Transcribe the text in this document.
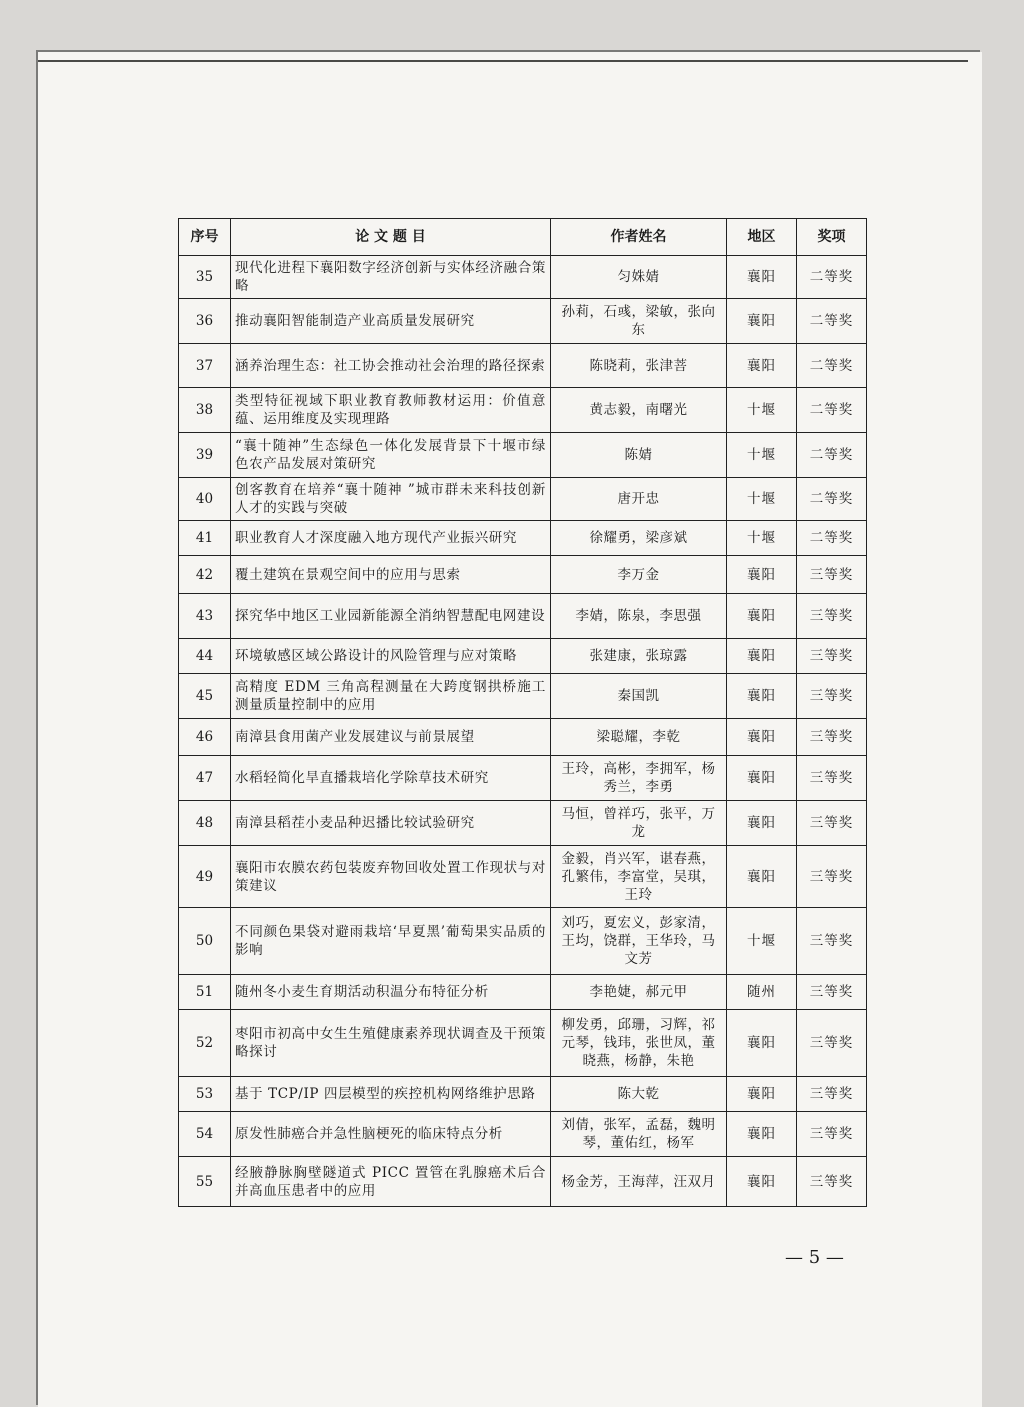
序号	论 文 题 目	作者姓名	地区	奖项
35	现代化进程下襄阳数字经济创新与实体经济融合策略	匀姝婧	襄阳	二等奖
36	推动襄阳智能制造产业高质量发展研究	孙莉，石彧，梁敏，张向东	襄阳	二等奖
37	涵养治理生态：社工协会推动社会治理的路径探索	陈晓莉，张津菩	襄阳	二等奖
38	类型特征视域下职业教育教师教材运用：价值意蕴、运用维度及实现理路	黄志毅，南曙光	十堰	二等奖
39	“襄十随神”生态绿色一体化发展背景下十堰市绿色农产品发展对策研究	陈婧	十堰	二等奖
40	创客教育在培养“襄十随神 ”城市群未来科技创新人才的实践与突破	唐开忠	十堰	二等奖
41	职业教育人才深度融入地方现代产业振兴研究	徐耀勇，梁彦斌	十堰	二等奖
42	覆土建筑在景观空间中的应用与思索	李万金	襄阳	三等奖
43	探究华中地区工业园新能源全消纳智慧配电网建设	李婧，陈泉，李思强	襄阳	三等奖
44	环境敏感区域公路设计的风险管理与应对策略	张建康，张琼露	襄阳	三等奖
45	高精度 EDM 三角高程测量在大跨度钢拱桥施工测量质量控制中的应用	秦国凯	襄阳	三等奖
46	南漳县食用菌产业发展建议与前景展望	梁聪耀，李乾	襄阳	三等奖
47	水稻轻简化旱直播栽培化学除草技术研究	王玲，高彬，李拥军，杨秀兰，李勇	襄阳	三等奖
48	南漳县稻茬小麦品种迟播比较试验研究	马恒，曾祥巧，张平，万龙	襄阳	三等奖
49	襄阳市农膜农药包装废弃物回收处置工作现状与对策建议	金毅，肖兴军，谌春燕，孔繁伟，李富堂，吴琪，王玲	襄阳	三等奖
50	不同颜色果袋对避雨栽培‘早夏黑’葡萄果实品质的影响	刘巧，夏宏义，彭家清，王均，饶群，王华玲，马文芳	十堰	三等奖
51	随州冬小麦生育期活动积温分布特征分析	李艳婕，郝元甲	随州	三等奖
52	枣阳市初高中女生生殖健康素养现状调查及干预策略探讨	柳发勇，邱珊，习辉，祁元琴，钱玮，张世凤，董晓燕，杨静，朱艳	襄阳	三等奖
53	基于 TCP/IP 四层模型的疾控机构网络维护思路	陈大乾	襄阳	三等奖
54	原发性肺癌合并急性脑梗死的临床特点分析	刘倩，张军，孟磊，魏明琴，董佑红，杨军	襄阳	三等奖
55	经腋静脉胸壁隧道式 PICC 置管在乳腺癌术后合并高血压患者中的应用	杨金芳，王海萍，汪双月	襄阳	三等奖
— 5 —
